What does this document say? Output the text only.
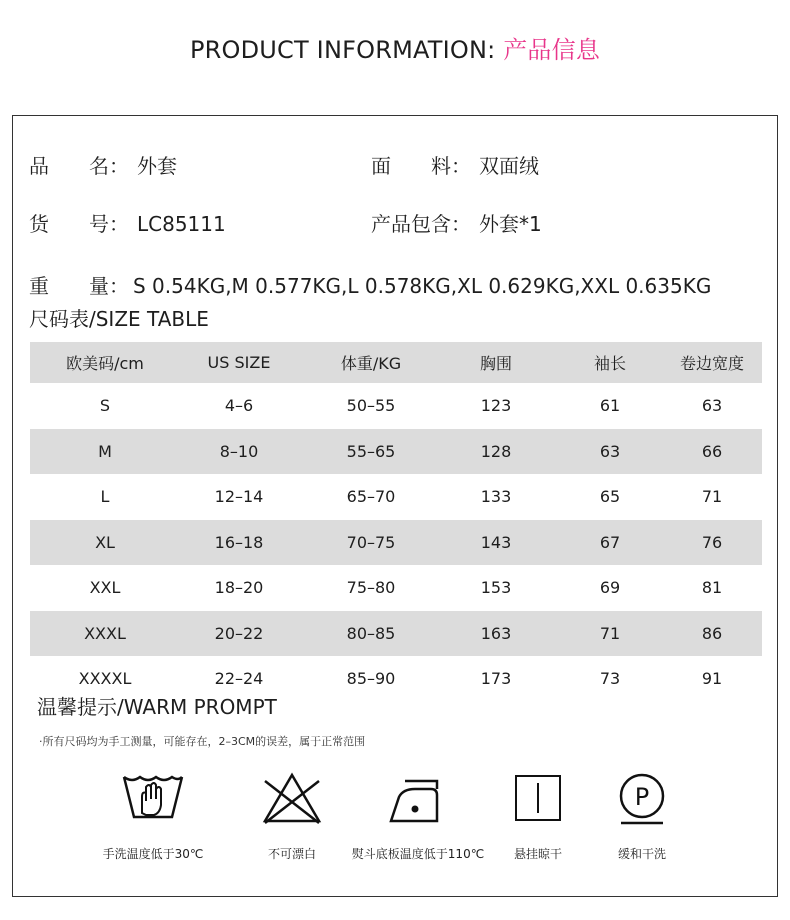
PRODUCT INFORMATION: 产品信息
品　　名： 外套	面　　料： 双面绒
货　　号： LC85111	产品包含： 外套*1
重　　量： S 0.54KG,M 0.577KG,L 0.578KG,XL 0.629KG,XXL 0.635KG
尺码表/SIZE TABLE
欧美码/cm	US SIZE	体重/KG	胸围	袖长	卷边宽度
S	4–6	50–55	123	61	63
M	8–10	55–65	128	63	66
L	12–14	65–70	133	65	71
XL	16–18	70–75	143	67	76
XXL	18–20	75–80	153	69	81
XXXL	20–22	80–85	163	71	86
XXXXL	22–24	85–90	173	73	91
温馨提示/WARM PROMPT
·所有尺码均为手工测量，可能存在，2–3CM的误差，属于正常范围
手洗温度低于30℃	不可漂白	熨斗底板温度低于110℃	悬挂晾干
P
缓和干洗
